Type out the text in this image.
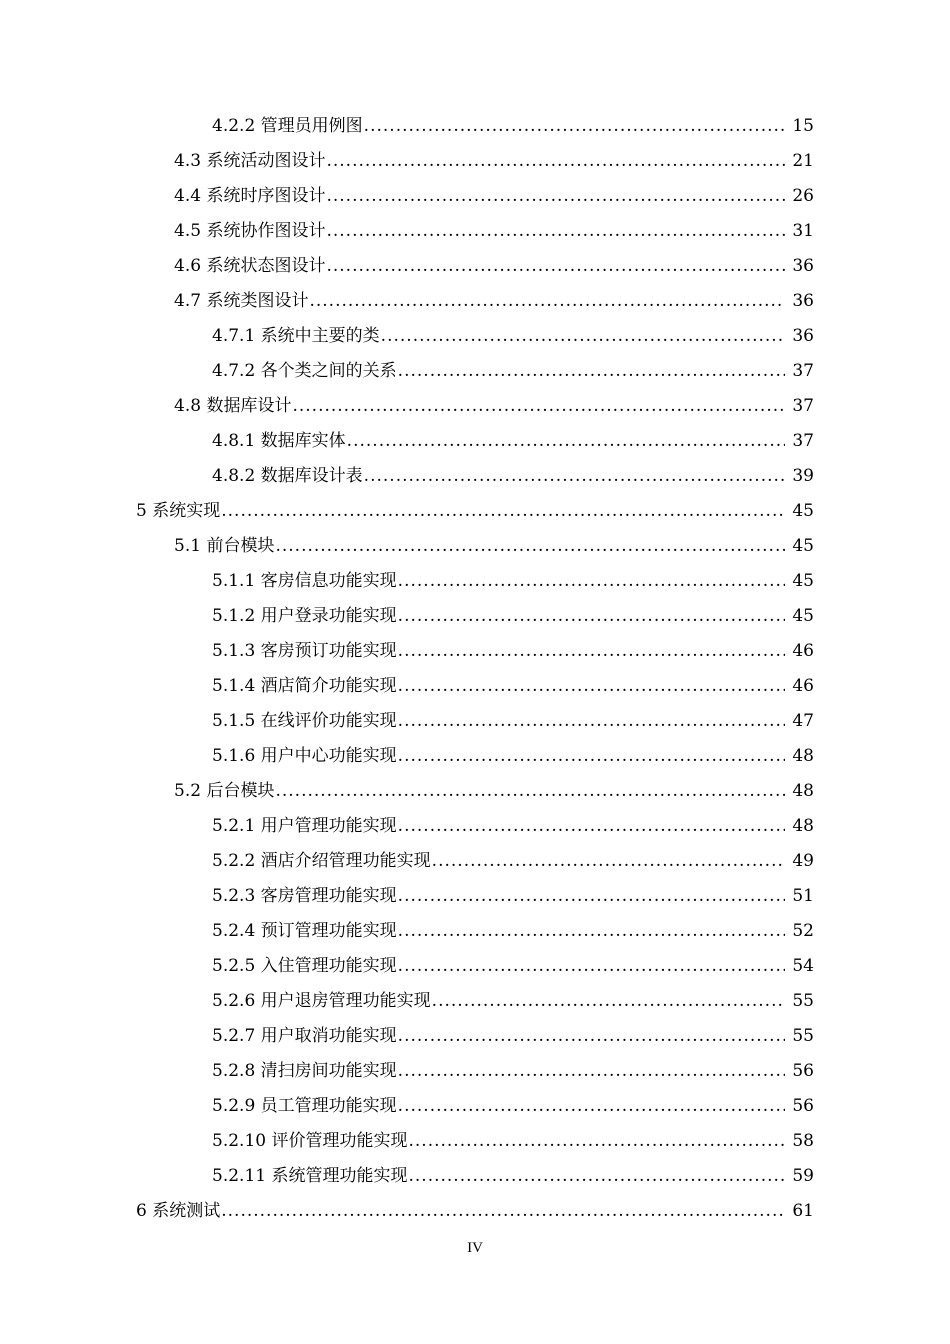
4.2.2 管理员用例图 .....	15
4.3 系统活动图设计 .....	21
4.4 系统时序图设计 .....	26
4.5 系统协作图设计 .....	31
4.6 系统状态图设计 .....	36
4.7 系统类图设计 .....	36
4.7.1 系统中主要的类 .....	36
4.7.2 各个类之间的关系 .....	37
4.8 数据库设计 .....	37
4.8.1 数据库实体 .....	37
4.8.2 数据库设计表 .....	39
5 系统实现 .....	45
5.1 前台模块 .....	45
5.1.1 客房信息功能实现 .....	45
5.1.2 用户登录功能实现 .....	45
5.1.3 客房预订功能实现 .....	46
5.1.4 酒店简介功能实现 .....	46
5.1.5 在线评价功能实现 .....	47
5.1.6 用户中心功能实现 .....	48
5.2 后台模块 .....	48
5.2.1 用户管理功能实现 .....	48
5.2.2 酒店介绍管理功能实现 .....	49
5.2.3 客房管理功能实现 .....	51
5.2.4 预订管理功能实现 .....	52
5.2.5 入住管理功能实现 .....	54
5.2.6 用户退房管理功能实现 .....	55
5.2.7 用户取消功能实现 .....	55
5.2.8 清扫房间功能实现 .....	56
5.2.9 员工管理功能实现 .....	56
5.2.10 评价管理功能实现 .....	58
5.2.11 系统管理功能实现 .....	59
6 系统测试 .....	61
IV
